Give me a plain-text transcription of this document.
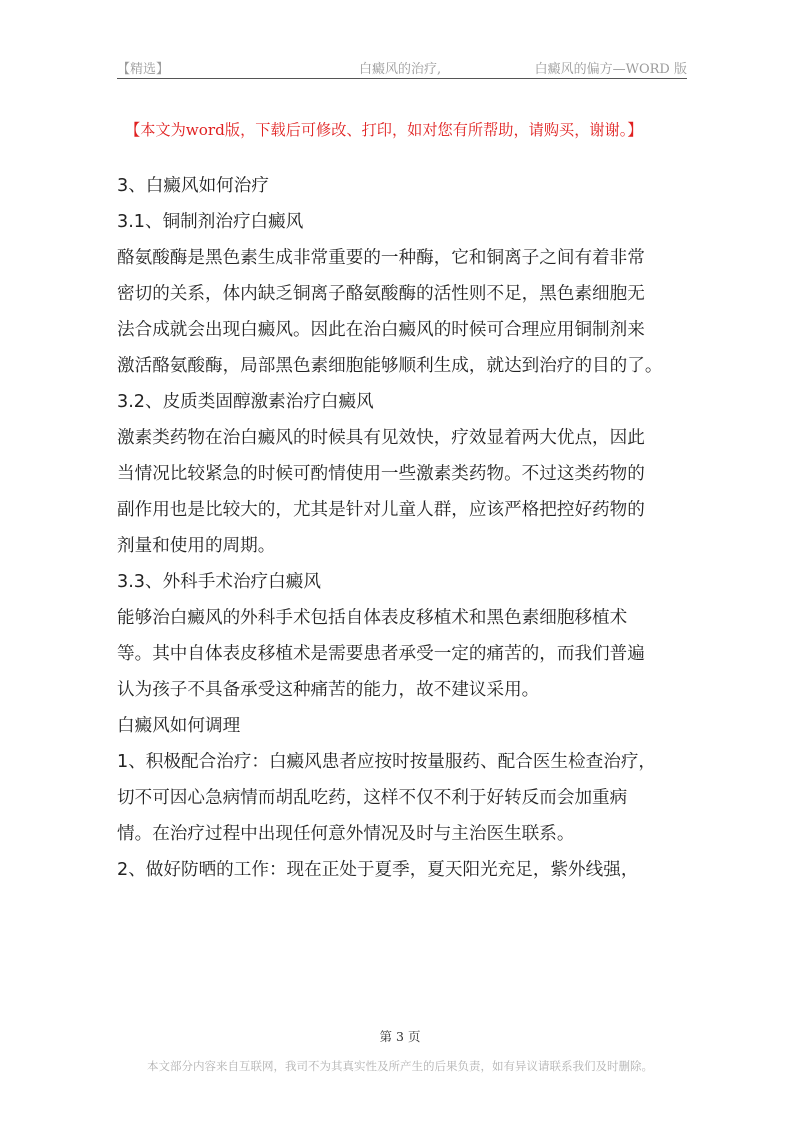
【精选】	白癜风的治疗,	白癜风的偏方—WORD 版
【本文为word版，下载后可修改、打印，如对您有所帮助，请购买，谢谢。】

3、白癜风如何治疗

3.1、铜制剂治疗白癜风

酪氨酸酶是黑色素生成非常重要的一种酶，它和铜离子之间有着非常

密切的关系，体内缺乏铜离子酪氨酸酶的活性则不足，黑色素细胞无

法合成就会出现白癜风。因此在治白癜风的时候可合理应用铜制剂来

激活酪氨酸酶，局部黑色素细胞能够顺利生成，就达到治疗的目的了。

3.2、皮质类固醇激素治疗白癜风

激素类药物在治白癜风的时候具有见效快，疗效显着两大优点，因此

当情况比较紧急的时候可酌情使用一些激素类药物。不过这类药物的

副作用也是比较大的，尤其是针对儿童人群，应该严格把控好药物的

剂量和使用的周期。

3.3、外科手术治疗白癜风

能够治白癜风的外科手术包括自体表皮移植术和黑色素细胞移植术

等。其中自体表皮移植术是需要患者承受一定的痛苦的，而我们普遍

认为孩子不具备承受这种痛苦的能力，故不建议采用。

白癜风如何调理

1、积极配合治疗：白癜风患者应按时按量服药、配合医生检查治疗，

切不可因心急病情而胡乱吃药，这样不仅不利于好转反而会加重病

情。在治疗过程中出现任何意外情况及时与主治医生联系。

2、做好防晒的工作：现在正处于夏季，夏天阳光充足，紫外线强，

第 3 页
本文部分内容来自互联网，我司不为其真实性及所产生的后果负责，如有异议请联系我们及时删除。
